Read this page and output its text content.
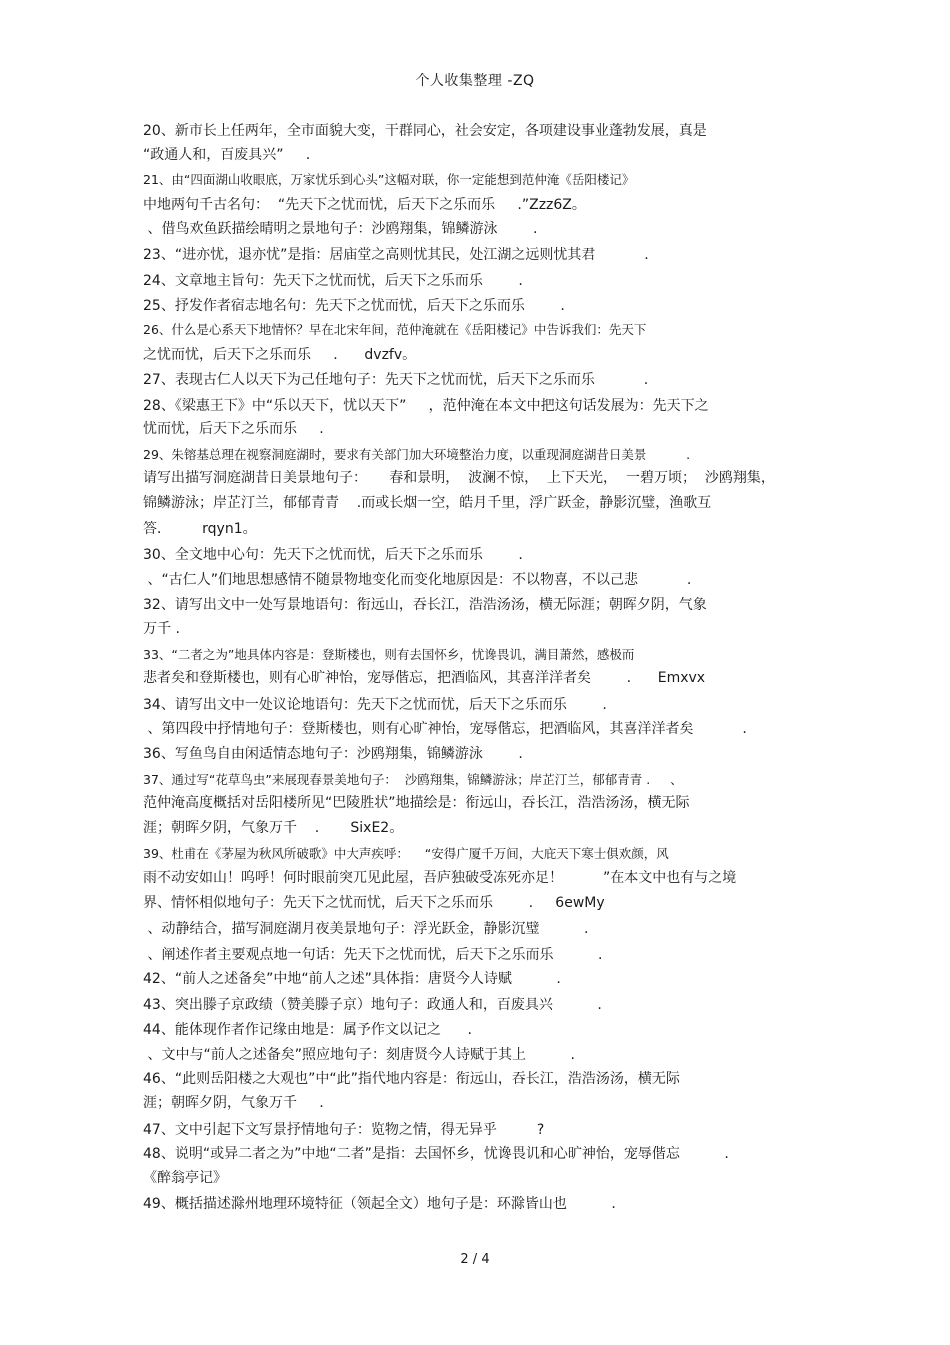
个人收集整理 -ZQ
20、新市长上任两年，全市面貌大变，干群同心，社会安定，各项建设事业蓬勃发展，真是
“政通人和，百废具兴”     .
21、由“四面湖山收眼底，万家忧乐到心头”这幅对联，你一定能想到范仲淹《岳阳楼记》
中地两句千古名句：  “先天下之忧而忧，后天下之乐而乐     .”Zzz6Z。
、借鸟欢鱼跃描绘晴明之景地句子：沙鸥翔集，锦鳞游泳        .
23、“进亦忧，退亦忧”是指：居庙堂之高则忧其民，处江湖之远则忧其君           .
24、文章地主旨句：先天下之忧而忧，后天下之乐而乐        .
25、抒发作者宿志地名句：先天下之忧而忧，后天下之乐而乐        .
26、什么是心系天下地情怀？早在北宋年间，范仲淹就在《岳阳楼记》中告诉我们：先天下
之忧而忧，后天下之乐而乐     .      dvzfv。
27、表现古仁人以天下为己任地句子：先天下之忧而忧，后天下之乐而乐           .
28、《梁惠王下》中“乐以天下，忧以天下”     ，范仲淹在本文中把这句话发展为：先天下之
忧而忧，后天下之乐而乐     .
29、朱镕基总理在视察洞庭湖时，要求有关部门加大环境整治力度，以重现洞庭湖昔日美景          .
请写出描写洞庭湖昔日美景地句子：     春和景明，  波澜不惊，  上下天光，  一碧万顷；  沙鸥翔集，
锦鳞游泳；岸芷汀兰，郁郁青青    .而或长烟一空，皓月千里，浮广跃金，静影沉璧，渔歌互
答．       rqyn1。
30、全文地中心句：先天下之忧而忧，后天下之乐而乐        .
、“古仁人”们地思想感情不随景物地变化而变化地原因是：不以物喜，不以己悲           .
32、请写出文中一处写景地语句：衔远山，吞长江，浩浩汤汤，横无际涯；朝晖夕阴，气象
万千 .
33、“二者之为”地具体内容是：登斯楼也，则有去国怀乡，忧谗畏讥，满目萧然，感极而
悲者矣和登斯楼也，则有心旷神怡，宠辱偕忘，把酒临风，其喜洋洋者矣        .      Emxvx
34、请写出文中一处议论地语句：先天下之忧而忧，后天下之乐而乐        .
、第四段中抒情地句子：登斯楼也，则有心旷神怡，宠辱偕忘，把酒临风，其喜洋洋者矣           .
36、写鱼鸟自由闲适情态地句子：沙鸥翔集，锦鳞游泳        .
37、通过写“花草鸟虫”来展现春景美地句子：  沙鸥翔集，锦鳞游泳；岸芷汀兰，郁郁青青 .     、
范仲淹高度概括对岳阳楼所见“巴陵胜状”地描绘是：衔远山，吞长江，浩浩汤汤，横无际
涯；朝晖夕阴，气象万千    .       SixE2。
39、杜甫在《茅屋为秋风所破歌》中大声疾呼：    “安得广厦千万间，大庇天下寒士俱欢颜，风
雨不动安如山！呜呼！何时眼前突兀见此屋，吾庐独破受冻死亦足！         ”在本文中也有与之境
界、情怀相似地句子：先天下之忧而忧，后天下之乐而乐        .     6ewMy
、动静结合，描写洞庭湖月夜美景地句子：浮光跃金，静影沉璧          .
、阐述作者主要观点地一句话：先天下之忧而忧，后天下之乐而乐          .
42、“前人之述备矣”中地“前人之述”具体指：唐贤今人诗赋          .
43、突出滕子京政绩（赞美滕子京）地句子：政通人和，百废具兴          .
44、能体现作者作记缘由地是：属予作文以记之      .
、文中与“前人之述备矣”照应地句子：刻唐贤今人诗赋于其上          .
46、“此则岳阳楼之大观也”中“此”指代地内容是：衔远山，吞长江，浩浩汤汤，横无际
涯；朝晖夕阴，气象万千     .
47、文中引起下文写景抒情地句子：览物之情，得无异乎         ?
48、说明“或异二者之为”中地“二者”是指：去国怀乡，忧谗畏讥和心旷神怡，宠辱偕忘          .
《醉翁亭记》
49、概括描述滁州地理环境特征（领起全文）地句子是：环滁皆山也          .
2 / 4
